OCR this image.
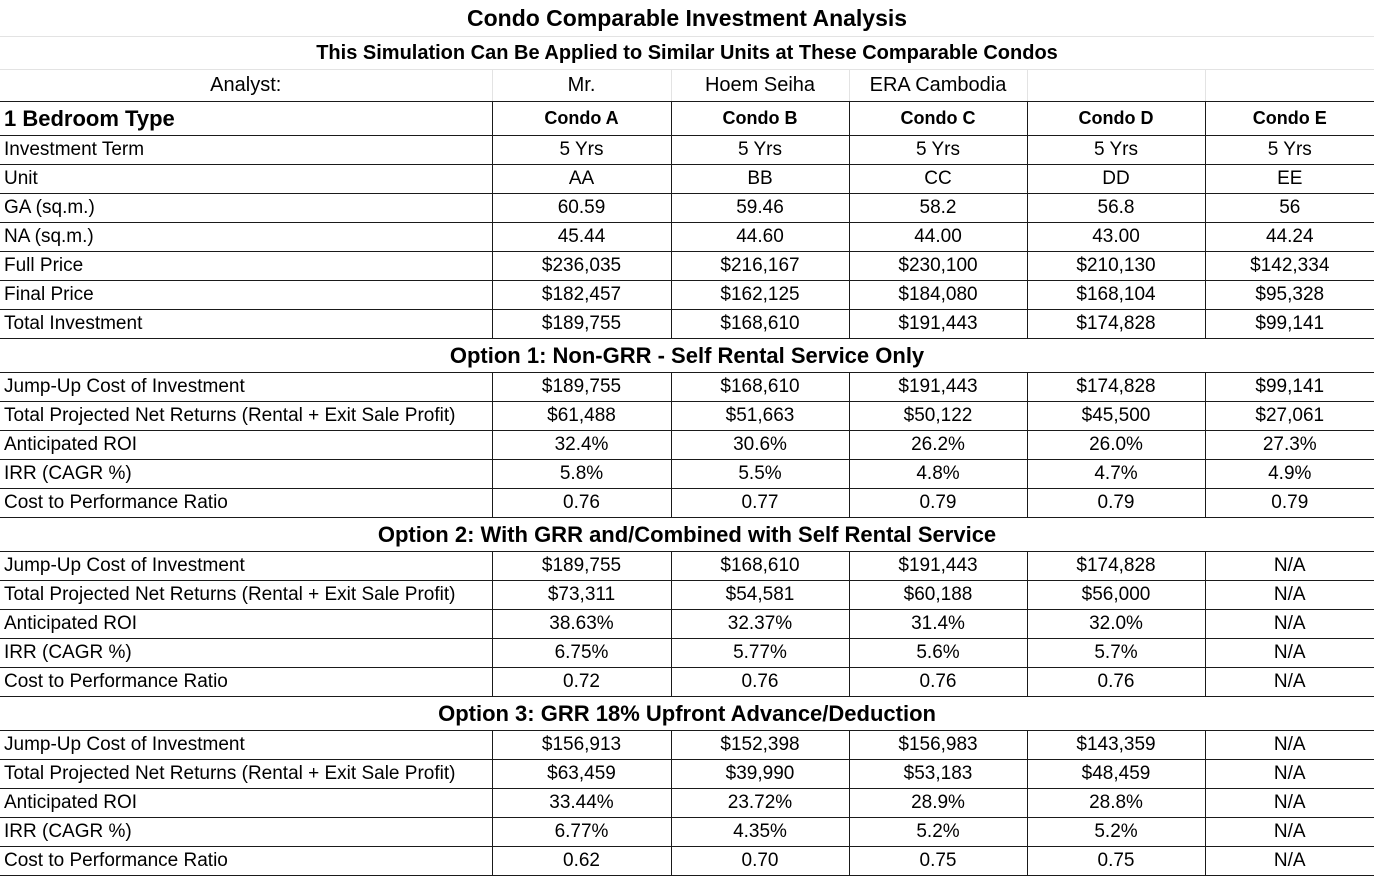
Condo Comparable Investment Analysis					
This Simulation Can Be Applied to Similar Units at These Comparable Condos					
Analyst:	Mr.	Hoem Seiha	ERA Cambodia		
1 Bedroom Type	Condo A	Condo B	Condo C	Condo D	Condo E
Investment Term	5 Yrs	5 Yrs	5 Yrs	5 Yrs	5 Yrs
Unit	AA	BB	CC	DD	EE
GA (sq.m.)	60.59	59.46	58.2	56.8	56
NA (sq.m.)	45.44	44.60	44.00	43.00	44.24
Full Price	$236,035	$216,167	$230,100	$210,130	$142,334
Final Price	$182,457	$162,125	$184,080	$168,104	$95,328
Total Investment	$189,755	$168,610	$191,443	$174,828	$99,141
Option 1: Non-GRR - Self Rental Service Only					
Jump-Up Cost of Investment	$189,755	$168,610	$191,443	$174,828	$99,141
Total Projected Net Returns (Rental + Exit Sale Profit)	$61,488	$51,663	$50,122	$45,500	$27,061
Anticipated ROI	32.4%	30.6%	26.2%	26.0%	27.3%
IRR (CAGR %)	5.8%	5.5%	4.8%	4.7%	4.9%
Cost to Performance Ratio	0.76	0.77	0.79	0.79	0.79
Option 2: With GRR and/Combined with Self Rental Service					
Jump-Up Cost of Investment	$189,755	$168,610	$191,443	$174,828	N/A
Total Projected Net Returns (Rental + Exit Sale Profit)	$73,311	$54,581	$60,188	$56,000	N/A
Anticipated ROI	38.63%	32.37%	31.4%	32.0%	N/A
IRR (CAGR %)	6.75%	5.77%	5.6%	5.7%	N/A
Cost to Performance Ratio	0.72	0.76	0.76	0.76	N/A
Option 3: GRR 18% Upfront Advance/Deduction					
Jump-Up Cost of Investment	$156,913	$152,398	$156,983	$143,359	N/A
Total Projected Net Returns (Rental + Exit Sale Profit)	$63,459	$39,990	$53,183	$48,459	N/A
Anticipated ROI	33.44%	23.72%	28.9%	28.8%	N/A
IRR (CAGR %)	6.77%	4.35%	5.2%	5.2%	N/A
Cost to Performance Ratio	0.62	0.70	0.75	0.75	N/A
